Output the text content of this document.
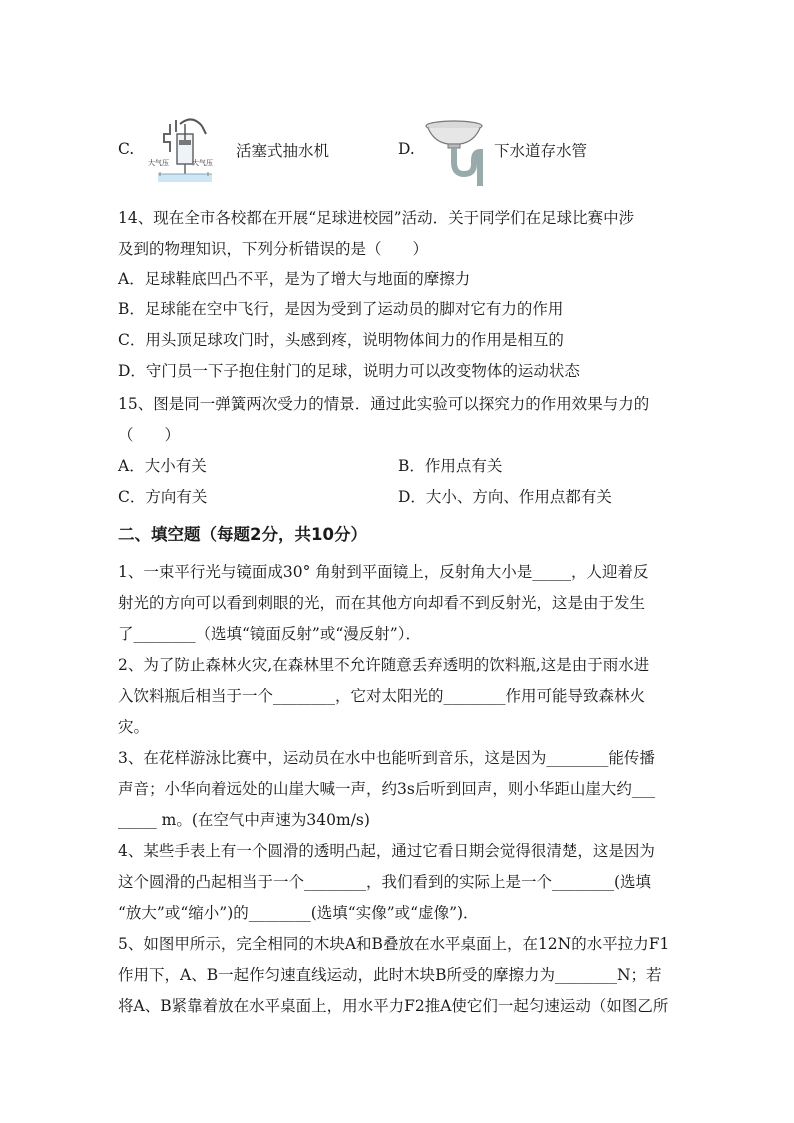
C.
大气压	大气压
活塞式抽水机	D.	下水道存水管
14、现在全市各校都在开展“足球进校园”活动．关于同学们在足球比赛中涉
及到的物理知识，下列分析错误的是（　　）
A．足球鞋底凹凸不平，是为了增大与地面的摩擦力
B．足球能在空中飞行，是因为受到了运动员的脚对它有力的作用
C．用头顶足球攻门时，头感到疼，说明物体间力的作用是相互的
D．守门员一下子抱住射门的足球，说明力可以改变物体的运动状态
15、图是同一弹簧两次受力的情景．通过此实验可以探究力的作用效果与力的
（　　）
A．大小有关	B．作用点有关
C．方向有关	D．大小、方向、作用点都有关
二、填空题（每题2分，共10分）
1、一束平行光与镜面成30° 角射到平面镜上，反射角大小是_____，人迎着反
射光的方向可以看到刺眼的光，而在其他方向却看不到反射光，这是由于发生
了________（选填“镜面反射”或“漫反射”）．
2、为了防止森林火灾,在森林里不允许随意丢弃透明的饮料瓶,这是由于雨水进
入饮料瓶后相当于一个________，它对太阳光的________作用可能导致森林火
灾。
3、在花样游泳比赛中，运动员在水中也能听到音乐，这是因为________能传播
声音；小华向着远处的山崖大喊一声，约3s后听到回声，则小华距山崖大约___
_____ m。(在空气中声速为340m/s)
4、某些手表上有一个圆滑的透明凸起，通过它看日期会觉得很清楚，这是因为
这个圆滑的凸起相当于一个________，我们看到的实际上是一个________(选填
“放大”或“缩小”)的________(选填“实像”或“虚像”)．
5、如图甲所示，完全相同的木块A和B叠放在水平桌面上，在12N的水平拉力F1
作用下，A、B一起作匀速直线运动，此时木块B所受的摩擦力为________N；若
将A、B紧靠着放在水平桌面上，用水平力F2推A使它们一起匀速运动（如图乙所
